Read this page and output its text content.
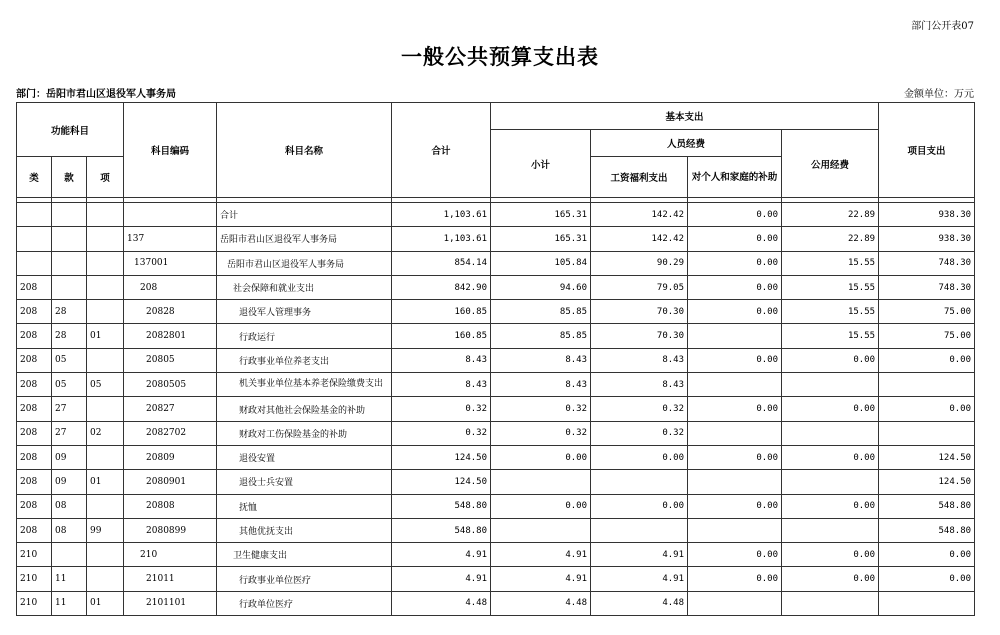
部门公开表07
一般公共预算支出表
部门：岳阳市君山区退役军人事务局	金额单位：万元
功能科目			科目编码	科目名称	合计	基本支出				项目支出
						小计	人员经费		公用经费	
类	款	项					工资福利支出	对个人和家庭的补助		

				合计	1,103.61	165.31	142.42	0.00	22.89	938.30
			137	岳阳市君山区退役军人事务局	1,103.61	165.31	142.42	0.00	22.89	938.30
			137001	岳阳市君山区退役军人事务局	854.14	105.84	90.29	0.00	15.55	748.30
208			208	社会保障和就业支出	842.90	94.60	79.05	0.00	15.55	748.30
208	28		20828	退役军人管理事务	160.85	85.85	70.30	0.00	15.55	75.00
208	28	01	2082801	行政运行	160.85	85.85	70.30		15.55	75.00
208	05		20805	行政事业单位养老支出	8.43	8.43	8.43	0.00	0.00	0.00
208	05	05	2080505	机关事业单位基本养老保险缴费支出	8.43	8.43	8.43			
208	27		20827	财政对其他社会保险基金的补助	0.32	0.32	0.32	0.00	0.00	0.00
208	27	02	2082702	财政对工伤保险基金的补助	0.32	0.32	0.32			
208	09		20809	退役安置	124.50	0.00	0.00	0.00	0.00	124.50
208	09	01	2080901	退役士兵安置	124.50					124.50
208	08		20808	抚恤	548.80	0.00	0.00	0.00	0.00	548.80
208	08	99	2080899	其他优抚支出	548.80					548.80
210			210	卫生健康支出	4.91	4.91	4.91	0.00	0.00	0.00
210	11		21011	行政事业单位医疗	4.91	4.91	4.91	0.00	0.00	0.00
210	11	01	2101101	行政单位医疗	4.48	4.48	4.48			
